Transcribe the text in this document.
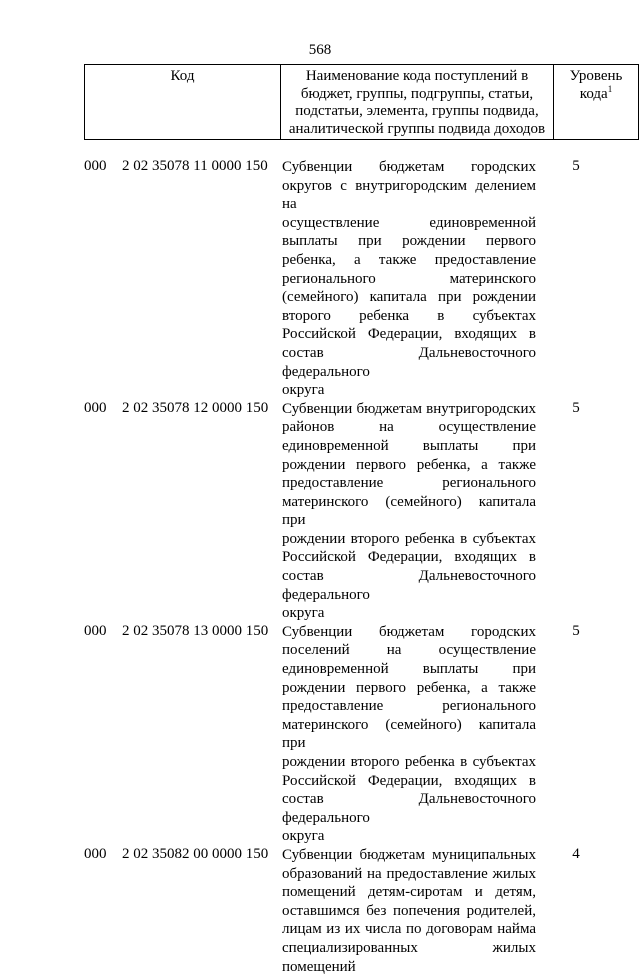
568
Код	Наименование кода поступлений в
бюджет, группы, подгруппы, статьи,
подстатьи, элемента, группы подвида,
аналитической группы подвида доходов	Уровень
кода$^1$
000	2 02 35078 11 0000 150 Субвенции бюджетам городских
округов с внутригородским делением на
осуществление единовременной
выплаты при рождении первого
ребенка, а также предоставление
регионального материнского
(семейного) капитала при рождении
второго ребенка в субъектах
Российской Федерации, входящих в
состав Дальневосточного федерального
округа
5
000	2 02 35078 12 0000 150 Субвенции бюджетам внутригородских
районов на осуществление
единовременной выплаты при
рождении первого ребенка, а также
предоставление регионального
материнского (семейного) капитала при
рождении второго ребенка в субъектах
Российской Федерации, входящих в
состав Дальневосточного федерального
округа
5
000	2 02 35078 13 0000 150 Субвенции бюджетам городских
поселений на осуществление
единовременной выплаты при
рождении первого ребенка, а также
предоставление регионального
материнского (семейного) капитала при
рождении второго ребенка в субъектах
Российской Федерации, входящих в
состав Дальневосточного федерального
округа
5
000	2 02 35082 00 0000 150 Субвенции бюджетам муниципальных
образований на предоставление жилых
помещений детям-сиротам и детям,
оставшимся без попечения родителей,
лицам из их числа по договорам найма
специализированных жилых помещений
4
